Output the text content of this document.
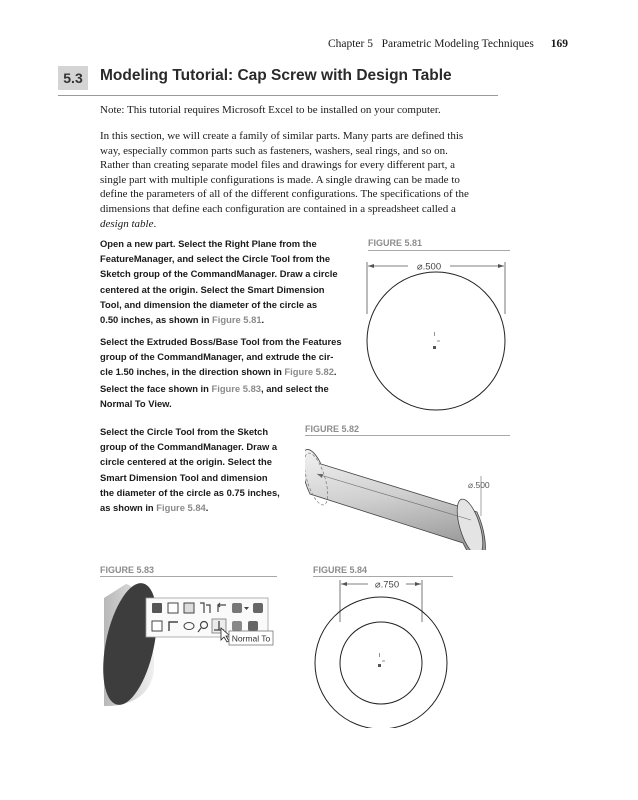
Chapter 5 Parametric Modeling Techniques 169
5.3	Modeling Tutorial: Cap Screw with Design Table
Note: This tutorial requires Microsoft Excel to be installed on your computer.
In this section, we will create a family of similar parts. Many parts are defined this
way, especially common parts such as fasteners, washers, seal rings, and so on.
Rather than creating separate model files and drawings for every different part, a
single part with multiple configurations is made. A single drawing can be made to
define the parameters of all of the different configurations. The specifications of the
dimensions that define each configuration are contained in a spreadsheet called a
design table.
Open a new part. Select the Right Plane from the
FeatureManager, and select the Circle Tool from the
Sketch group of the CommandManager. Draw a circle
centered at the origin. Select the Smart Dimension
Tool, and dimension the diameter of the circle as
0.50 inches, as shown in Figure 5.81.
Select the Extruded Boss/Base Tool from the Features
group of the CommandManager, and extrude the cir-
cle 1.50 inches, in the direction shown in Figure 5.82.
Select the face shown in Figure 5.83, and select the
Normal To View.
Select the Circle Tool from the Sketch
group of the CommandManager. Draw a
circle centered at the origin. Select the
Smart Dimension Tool and dimension
the diameter of the circle as 0.75 inches,
as shown in Figure 5.84.
FIGURE 5.81
⌀.500
FIGURE 5.82
⌀.500
FIGURE 5.83
Normal To
FIGURE 5.84
⌀.750
